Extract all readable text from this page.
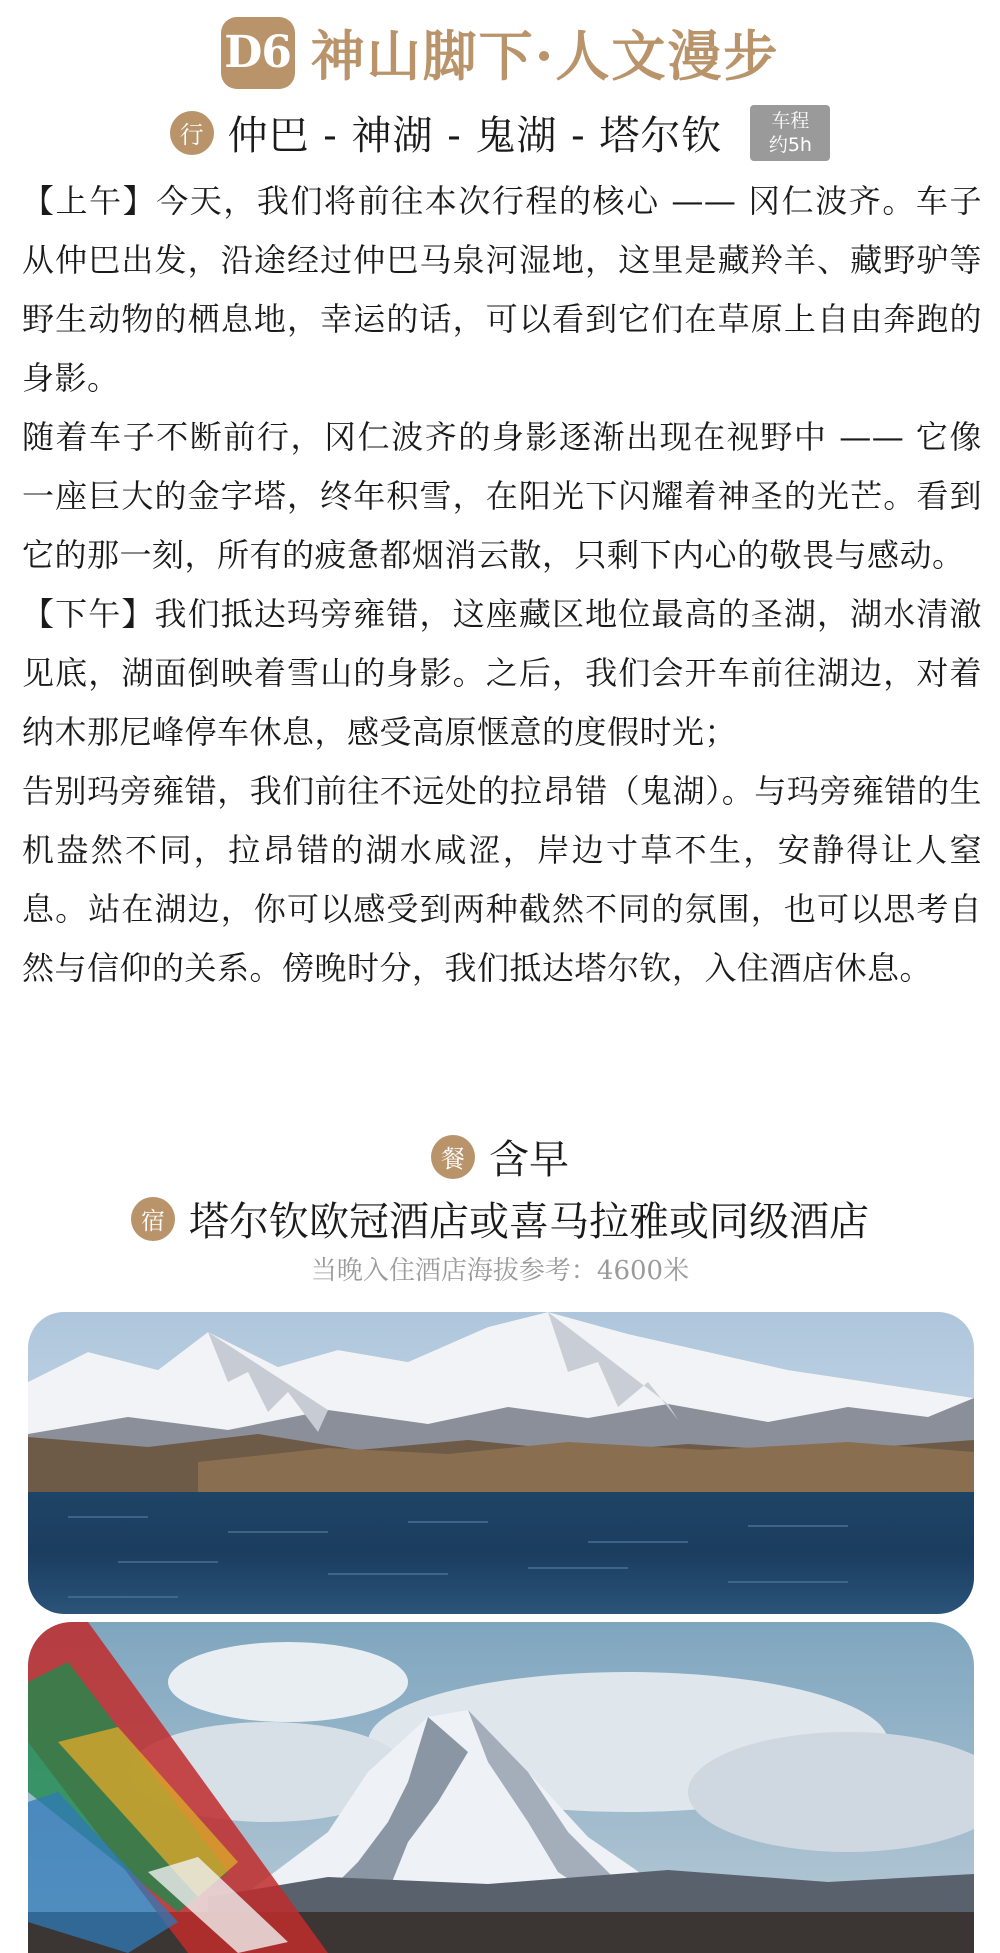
D6 神山脚下·人文漫步
行 仲巴 - 神湖 - 鬼湖 - 塔尔钦	车程
约5h

【上午】今天，我们将前往本次行程的核心 —— 冈仁波齐。车子从仲巴出发，沿途经过仲巴马泉河湿地，这里是藏羚羊、藏野驴等野生动物的栖息地，幸运的话，可以看到它们在草原上自由奔跑的身影。

随着车子不断前行，冈仁波齐的身影逐渐出现在视野中 —— 它像一座巨大的金字塔，终年积雪，在阳光下闪耀着神圣的光芒。看到它的那一刻，所有的疲惫都烟消云散，只剩下内心的敬畏与感动。

【下午】我们抵达玛旁雍错，这座藏区地位最高的圣湖，湖水清澈见底，湖面倒映着雪山的身影。之后，我们会开车前往湖边，对着纳木那尼峰停车休息，感受高原惬意的度假时光；

告别玛旁雍错，我们前往不远处的拉昂错（鬼湖）。与玛旁雍错的生机盎然不同，拉昂错的湖水咸涩，岸边寸草不生，安静得让人窒息。站在湖边，你可以感受到两种截然不同的氛围，也可以思考自然与信仰的关系。傍晚时分，我们抵达塔尔钦，入住酒店休息。

餐 含早
宿 塔尔钦欧冠酒店或喜马拉雅或同级酒店
当晚入住酒店海拔参考：4600米
